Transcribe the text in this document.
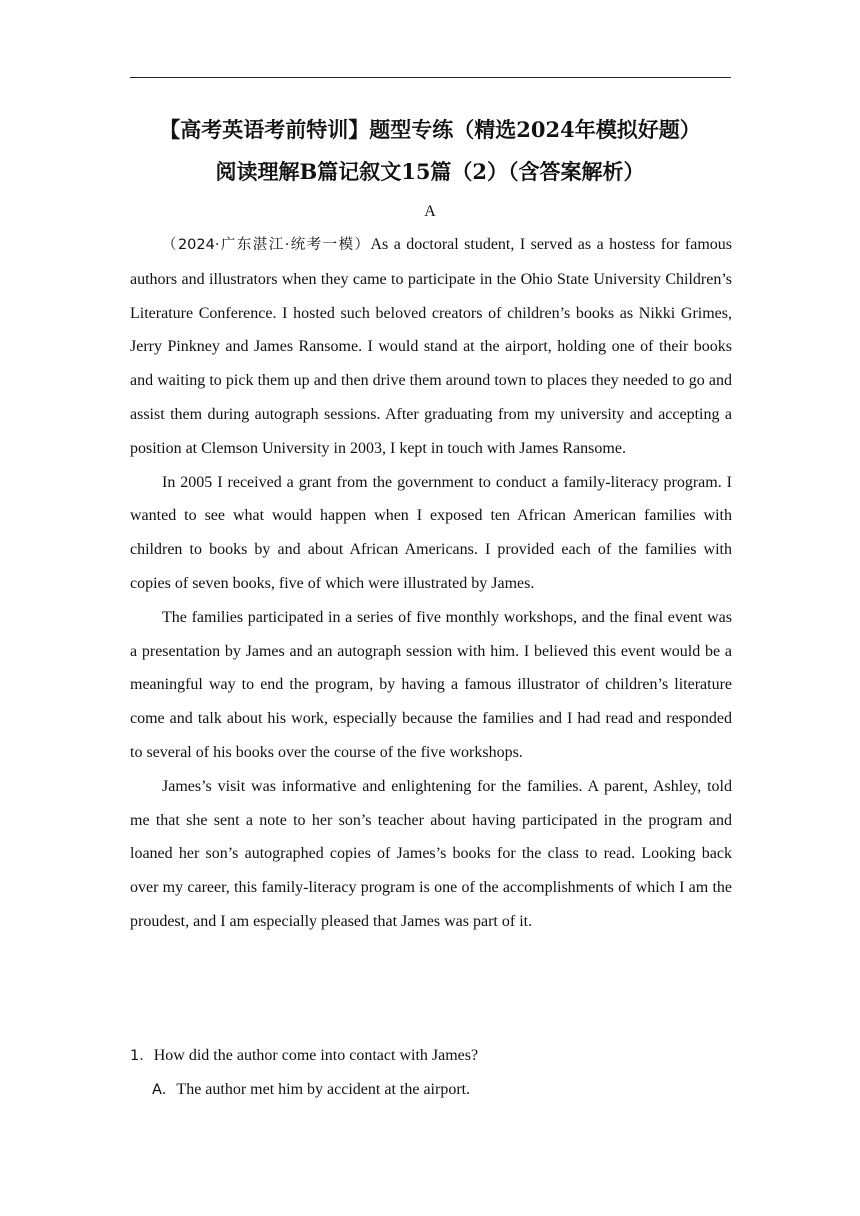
【高考英语考前特训】题型专练（精选2024年模拟好题）
阅读理解B篇记叙文15篇（2）（含答案解析）
A

（2024·广东湛江·统考一模）As a doctoral student, I served as a hostess for famous authors and illustrators when they came to participate in the Ohio State University Children’s Literature Conference. I hosted such beloved creators of children’s books as Nikki Grimes, Jerry Pinkney and James Ransome. I would stand at the airport, holding one of their books and waiting to pick them up and then drive them around town to places they needed to go and assist them during autograph sessions. After graduating from my university and accepting a position at Clemson University in 2003, I kept in touch with James Ransome.

In 2005 I received a grant from the government to conduct a family-literacy program. I wanted to see what would happen when I exposed ten African American families with children to books by and about African Americans. I provided each of the families with copies of seven books, five of which were illustrated by James.

The families participated in a series of five monthly workshops, and the final event was a presentation by James and an autograph session with him. I believed this event would be a meaningful way to end the program, by having a famous illustrator of children’s literature come and talk about his work, especially because the families and I had read and responded to several of his books over the course of the five workshops.

James’s visit was informative and enlightening for the families. A parent, Ashley, told me that she sent a note to her son’s teacher about having participated in the program and loaned her son’s autographed copies of James’s books for the class to read. Looking back over my career, this family-literacy program is one of the accomplishments of which I am the proudest, and I am especially pleased that James was part of it.

1．How did the author come into contact with James?
A．The author met him by accident at the airport.
